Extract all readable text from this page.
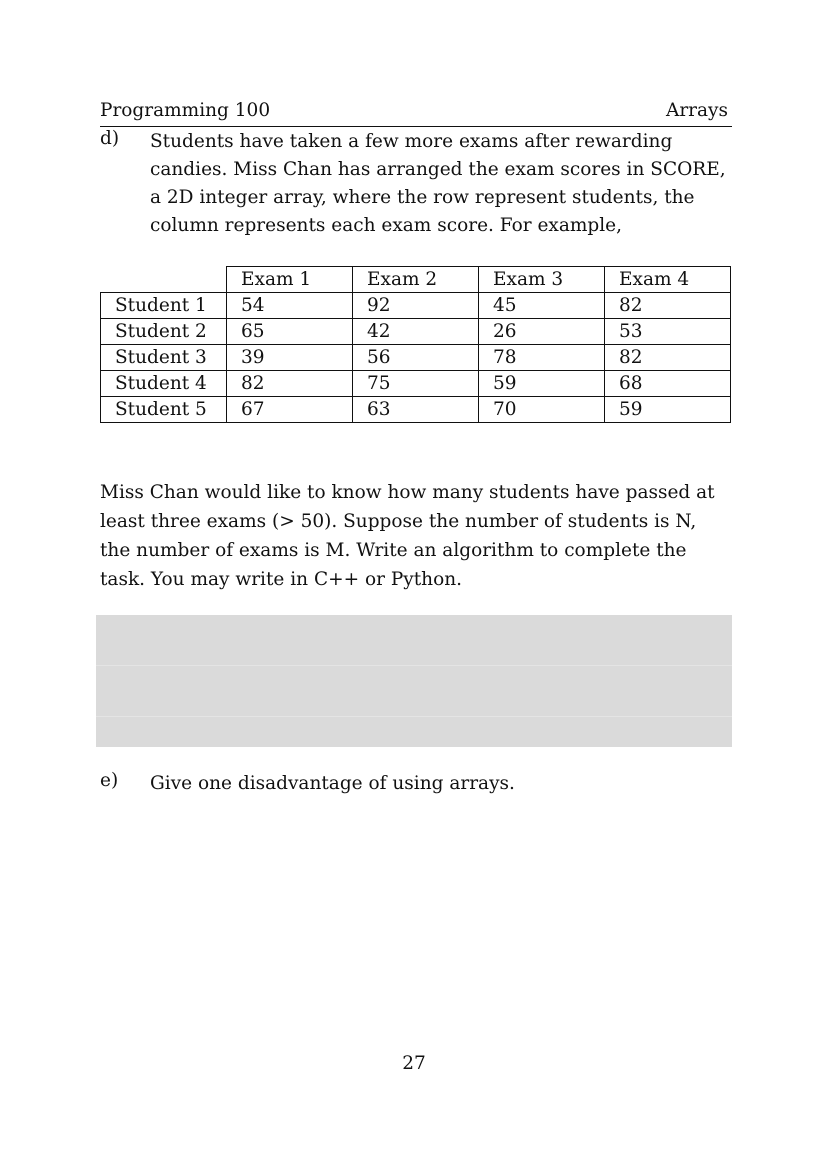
Programming 100	Arrays
d) Students have taken a few more exams after rewarding candies. Miss Chan has arranged the exam scores in SCORE, a 2D integer array, where the row represent students, the column represents each exam score. For example,
	Exam 1	Exam 2	Exam 3	Exam 4
Student 1	54	92	45	82
Student 2	65	42	26	53
Student 3	39	56	78	82
Student 4	82	75	59	68
Student 5	67	63	70	59
Miss Chan would like to know how many students have passed at least three exams (> 50). Suppose the number of students is N, the number of exams is M. Write an algorithm to complete the task. You may write in C++ or Python.
e) Give one disadvantage of using arrays.
27
